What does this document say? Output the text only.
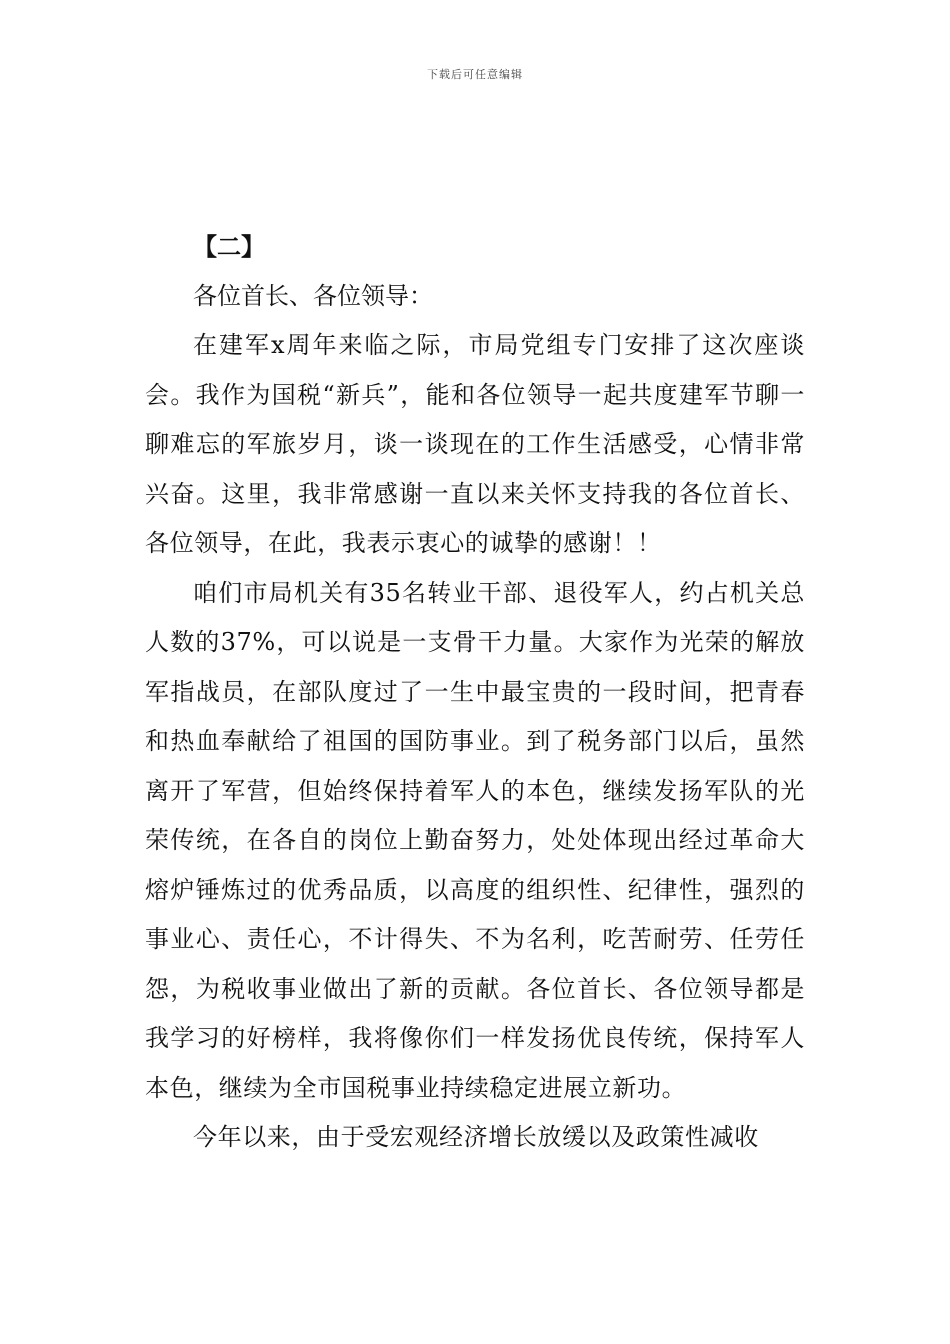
下载后可任意编辑

【二】

各位首长、各位领导：

在建军x周年来临之际，市局党组专门安排了这次座谈会。我作为国税“新兵”，能和各位领导一起共度建军节聊一聊难忘的军旅岁月，谈一谈现在的工作生活感受，心情非常兴奋。这里，我非常感谢一直以来关怀支持我的各位首长、各位领导，在此，我表示衷心的诚挚的感谢！！

咱们市局机关有35名转业干部、退役军人，约占机关总人数的37%，可以说是一支骨干力量。大家作为光荣的解放军指战员，在部队度过了一生中最宝贵的一段时间，把青春和热血奉献给了祖国的国防事业。到了税务部门以后，虽然离开了军营，但始终保持着军人的本色，继续发扬军队的光荣传统，在各自的岗位上勤奋努力，处处体现出经过革命大熔炉锤炼过的优秀品质，以高度的组织性、纪律性，强烈的事业心、责任心，不计得失、不为名利，吃苦耐劳、任劳任怨，为税收事业做出了新的贡献。各位首长、各位领导都是我学习的好榜样，我将像你们一样发扬优良传统，保持军人本色，继续为全市国税事业持续稳定进展立新功。

今年以来，由于受宏观经济增长放缓以及政策性减收
